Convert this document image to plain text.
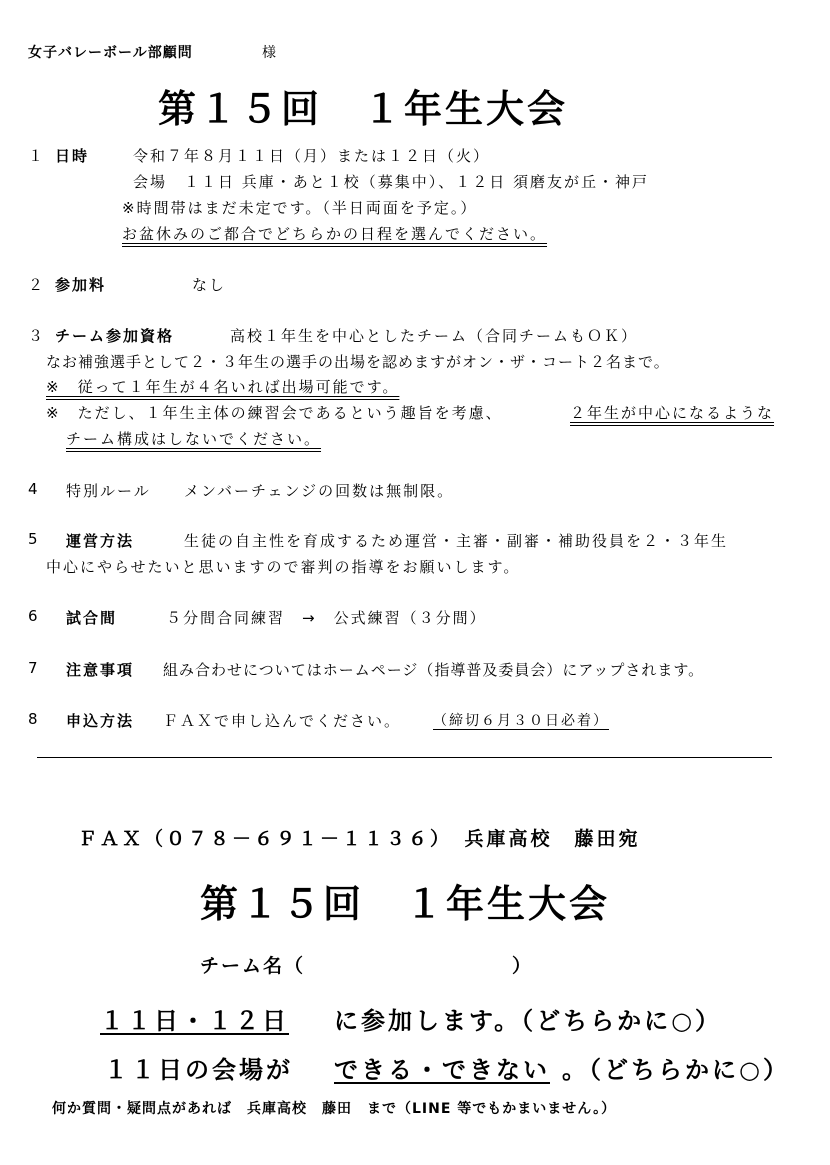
女子バレーボール部顧問	様
第１５回　１年生大会
１ 日時	令和７年８月１１日（月）または１２日（火）
会場　１１日 兵庫・あと１校（募集中）、１２日 須磨友が丘・神戸
※時間帯はまだ未定です。（半日両面を予定。）
お盆休みのご都合でどちらかの日程を選んでください。
２ 参加料	なし
３ チーム参加資格	高校１年生を中心としたチーム（合同チームもＯＫ）
なお補強選手として２・３年生の選手の出場を認めますがオン・ザ・コート２名まで。
※　従って１年生が４名いれば出場可能です。
※　ただし、１年生主体の練習会であるという趣旨を考慮、	２年生が中心になるような
チーム構成はしないでください。
4 特別ルール メンバーチェンジの回数は無制限。
5 運営方法	生徒の自主性を育成するため運営・主審・副審・補助役員を２・３年生
中心にやらせたいと思いますので審判の指導をお願いします。
6 試合間	５分間合同練習　→　公式練習（３分間）
7 注意事項 組み合わせについてはホームページ（指導普及委員会）にアップされます。
8 申込方法 ＦＡＸで申し込んでください。 （締切６月３０日必着）
ＦＡＸ（０７８－６９１－１１３６）　兵庫高校　藤田宛
第１５回　１年生大会
チーム名（	）
１１日・１２日 に参加します。（どちらかに○）
１１日の会場が できる・できない 。（どちらかに○）
何か質問・疑問点があれば　兵庫高校　藤田　まで（LINE 等でもかまいません。）
